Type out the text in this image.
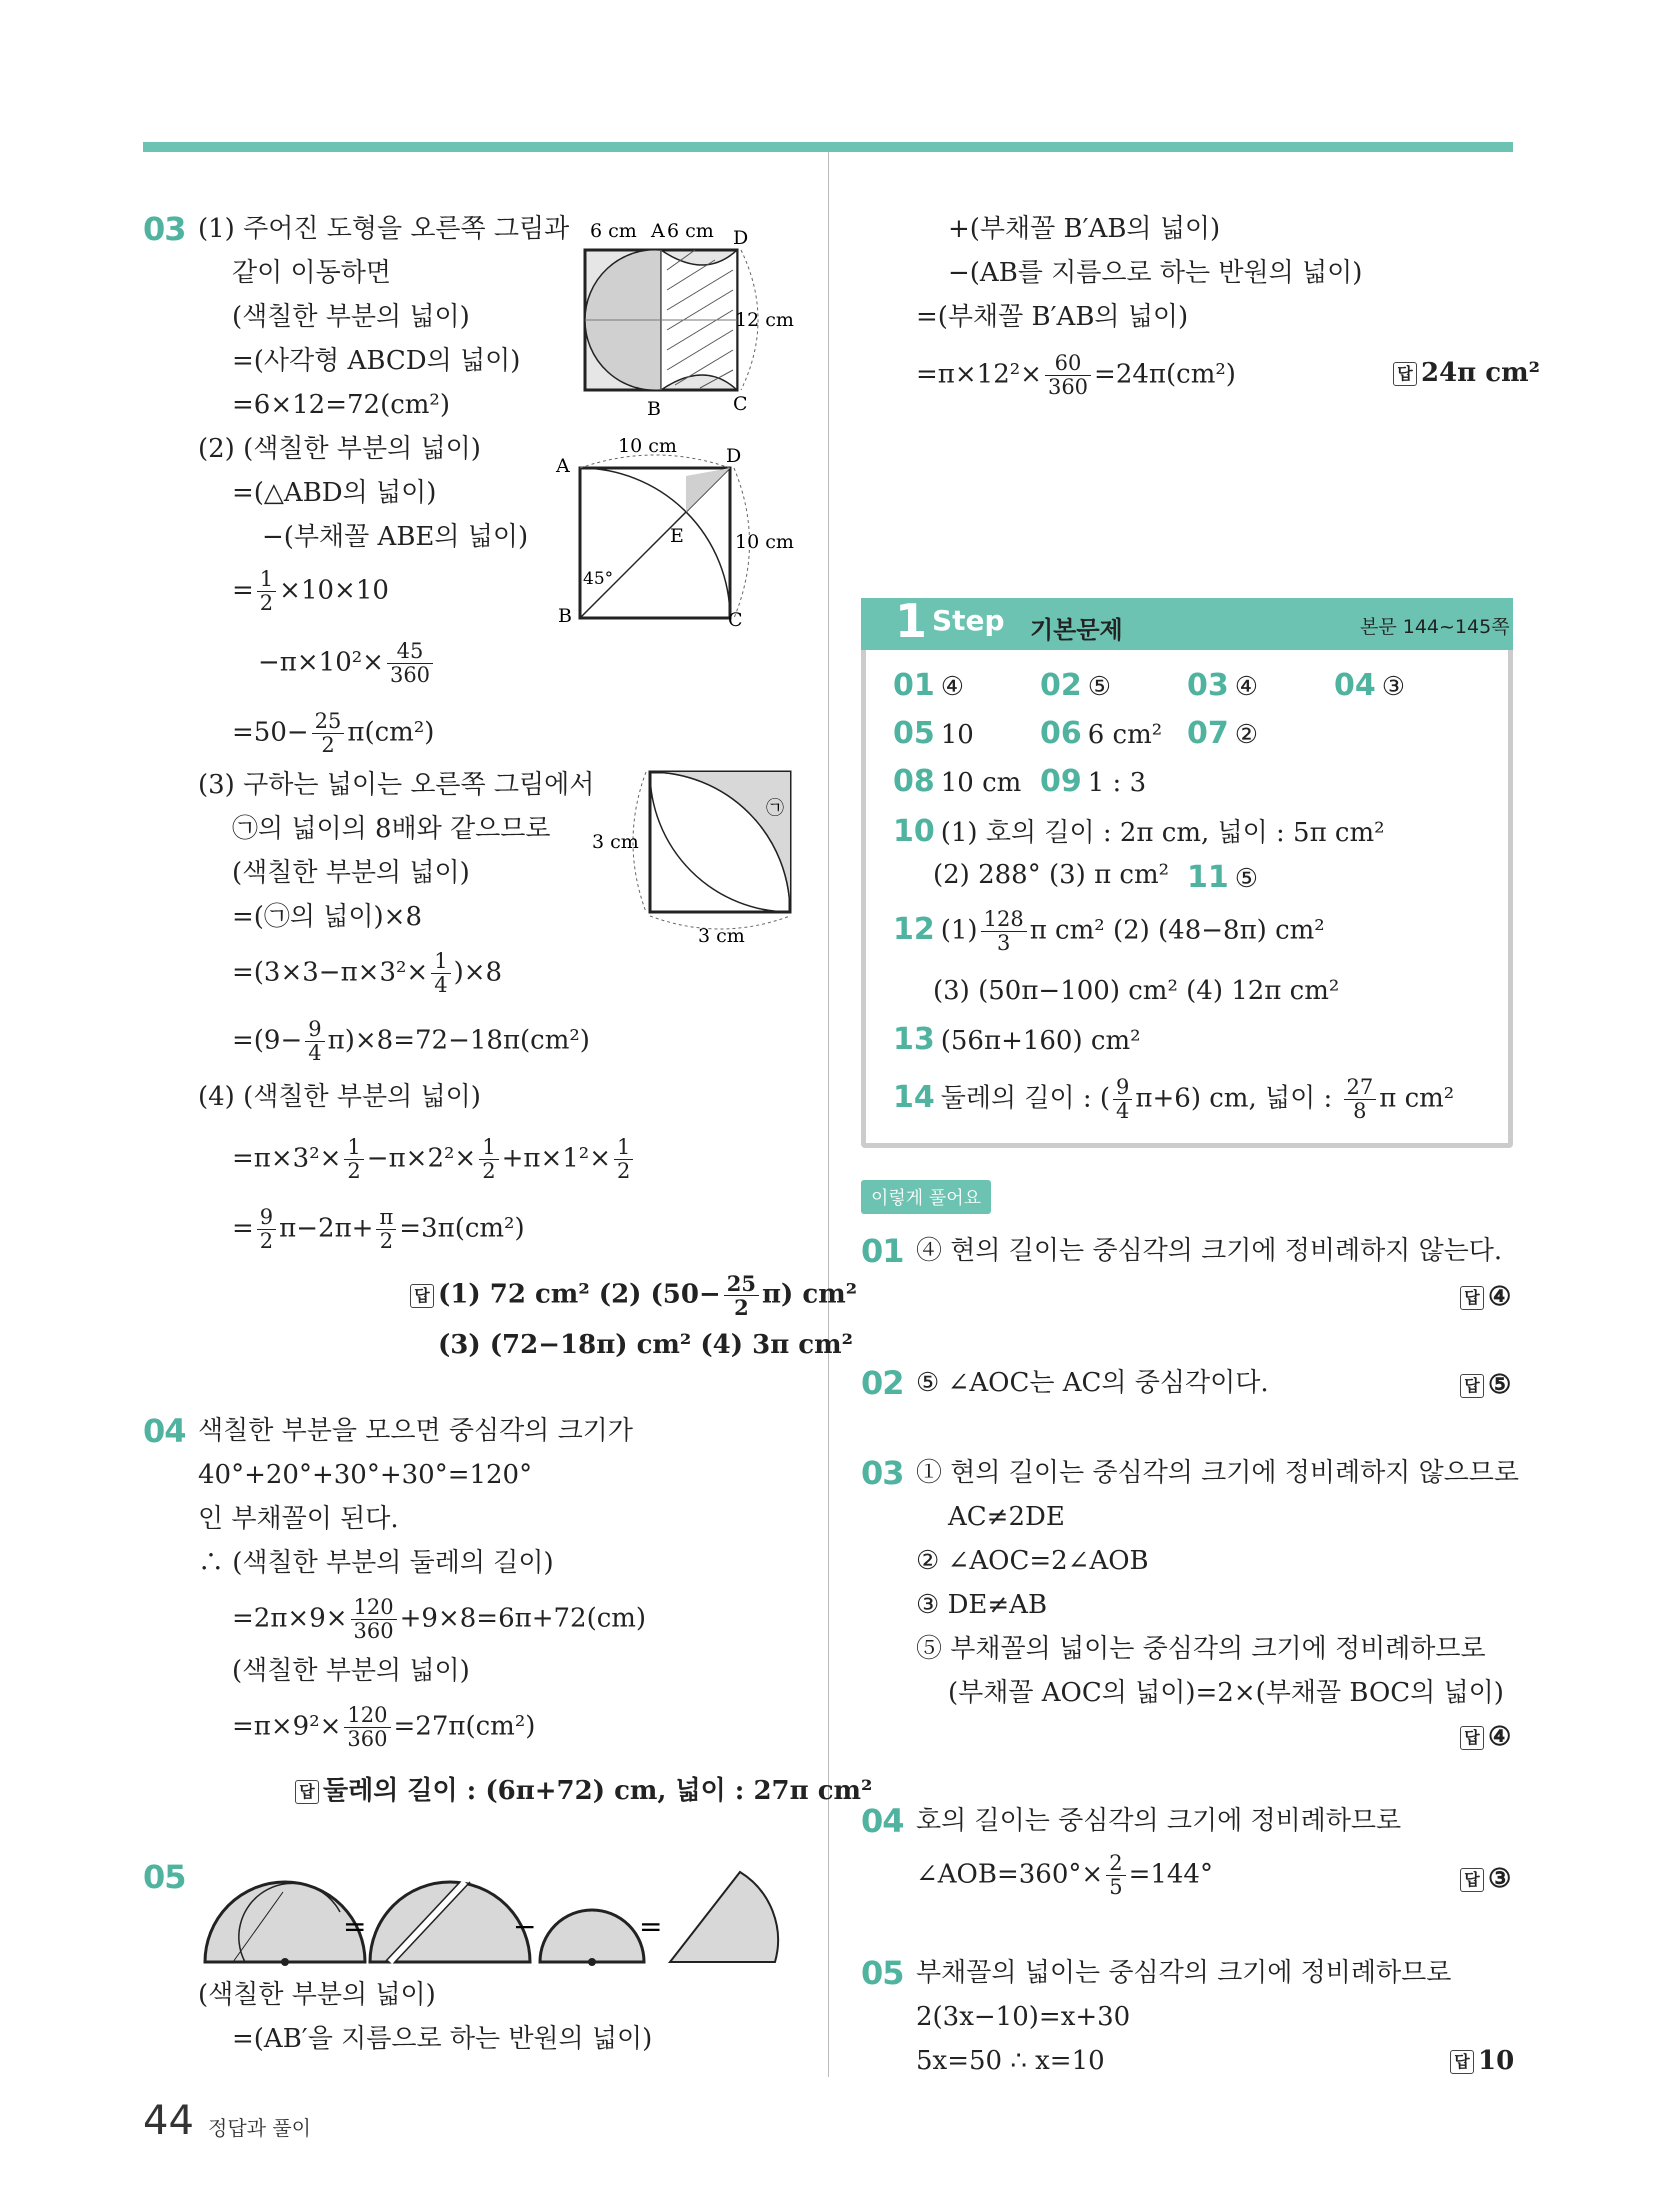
03 (1) 주어진 도형을 오른쪽 그림과
같이 이동하면
(색칠한 부분의 넓이)
=(사각형 ABCD의 넓이)
=6×12=72(cm²)
6 cm A 6 cm D
12 cm
B	C
(2) (색칠한 부분의 넓이)
=(△ABD의 넓이)
−(부채꼴 ABE의 넓이)
= $\frac{1}{2} \times 10\times 10$
$-\pi\times 10^2\times \frac{45}{360}$
$=50- \frac{25}{2} \pi(cm^2)$
A
10 cm	D
E	10 cm
45°
B	C
(3) 구하는 넓이는 오른쪽 그림에서
㉠의 넓이의 8배와 같으므로
(색칠한 부분의 넓이)
=(㉠의 넓이)×8
$=(3\times 3-\pi\times 3^2\times \frac{1}{4} )\times 8$
$=(9- \frac{9}{4} \pi)\times 8=72-18\pi(cm^2)$
3 cm
3 cm
㉠
(4) (색칠한 부분의 넓이)
$=\pi\times 3^2\times \frac{1}{2} -\pi\times 2^2\times \frac{1}{2} +\pi\times 1^2\times \frac{1}{2}$
= $\frac{9}{2} \pi-2\pi+ \frac{\pi}{2} =3\pi(cm^2)$
답 (1) 72 cm² (2) $(50- \frac{25}{2} \pi)$ cm²
(3) (72−18π) cm² (4) 3π cm²
04 색칠한 부분을 모으면 중심각의 크기가
40°+20°+30°+30°=120°
인 부채꼴이 된다.
∴ (색칠한 부분의 둘레의 길이)
$=2\pi\times 9\times \frac{120}{360} +9\times 8=6\pi+72(cm)$
(색칠한 부분의 넓이)
$=\pi\times 9^2\times \frac{120}{360} =27\pi(cm^2)$
답 둘레의 길이 : (6π+72) cm, 넓이 : 27π cm²
05
=	−	=
(색칠한 부분의 넓이)
=(AB′을 지름으로 하는 반원의 넓이)
+(부채꼴 B′AB의 넓이)
−(AB를 지름으로 하는 반원의 넓이)
=(부채꼴 B′AB의 넓이)
$=\pi\times 12^2\times \frac{60}{360} =24\pi(cm^2)$	답 24π cm²
1 Step 기본문제	본문 144~145쪽
01 ④	02 ⑤	03 ④	04 ③
05 10 06 6 cm² 07 ②
08 10 cm 09 1 : 3
10 (1) 호의 길이 : 2π cm, 넓이 : 5π cm²
(2) 288° (3) π cm² 11 ⑤
12 $(1) \frac{128}{3}$ π cm² (2) (48−8π) cm²
(3) (50π−100) cm² (4) 12π cm²
13 (56π+160) cm²
14 둘레의 길이 : ( $\frac{9}{4} \pi+6$) cm, 넓이 : $\frac{27}{8}$ π cm²
이렇게 풀어요
01 ④ 현의 길이는 중심각의 크기에 정비례하지 않는다.
답 ④
02 ⑤ ∠AOC는 AC의 중심각이다.	답 ⑤
03 ① 현의 길이는 중심각의 크기에 정비례하지 않으므로
AC≠2DE
② ∠AOC=2∠AOB
③ DE≠AB
⑤ 부채꼴의 넓이는 중심각의 크기에 정비례하므로
(부채꼴 AOC의 넓이)=2×(부채꼴 BOC의 넓이)
답 ④
04 호의 길이는 중심각의 크기에 정비례하므로
∠AOB=360°× $\frac{2}{5} =144^\circ$	답 ③
05 부채꼴의 넓이는 중심각의 크기에 정비례하므로
2(3x−10)=x+30
5x=50 ∴ x=10	답 10
44 정답과 풀이
